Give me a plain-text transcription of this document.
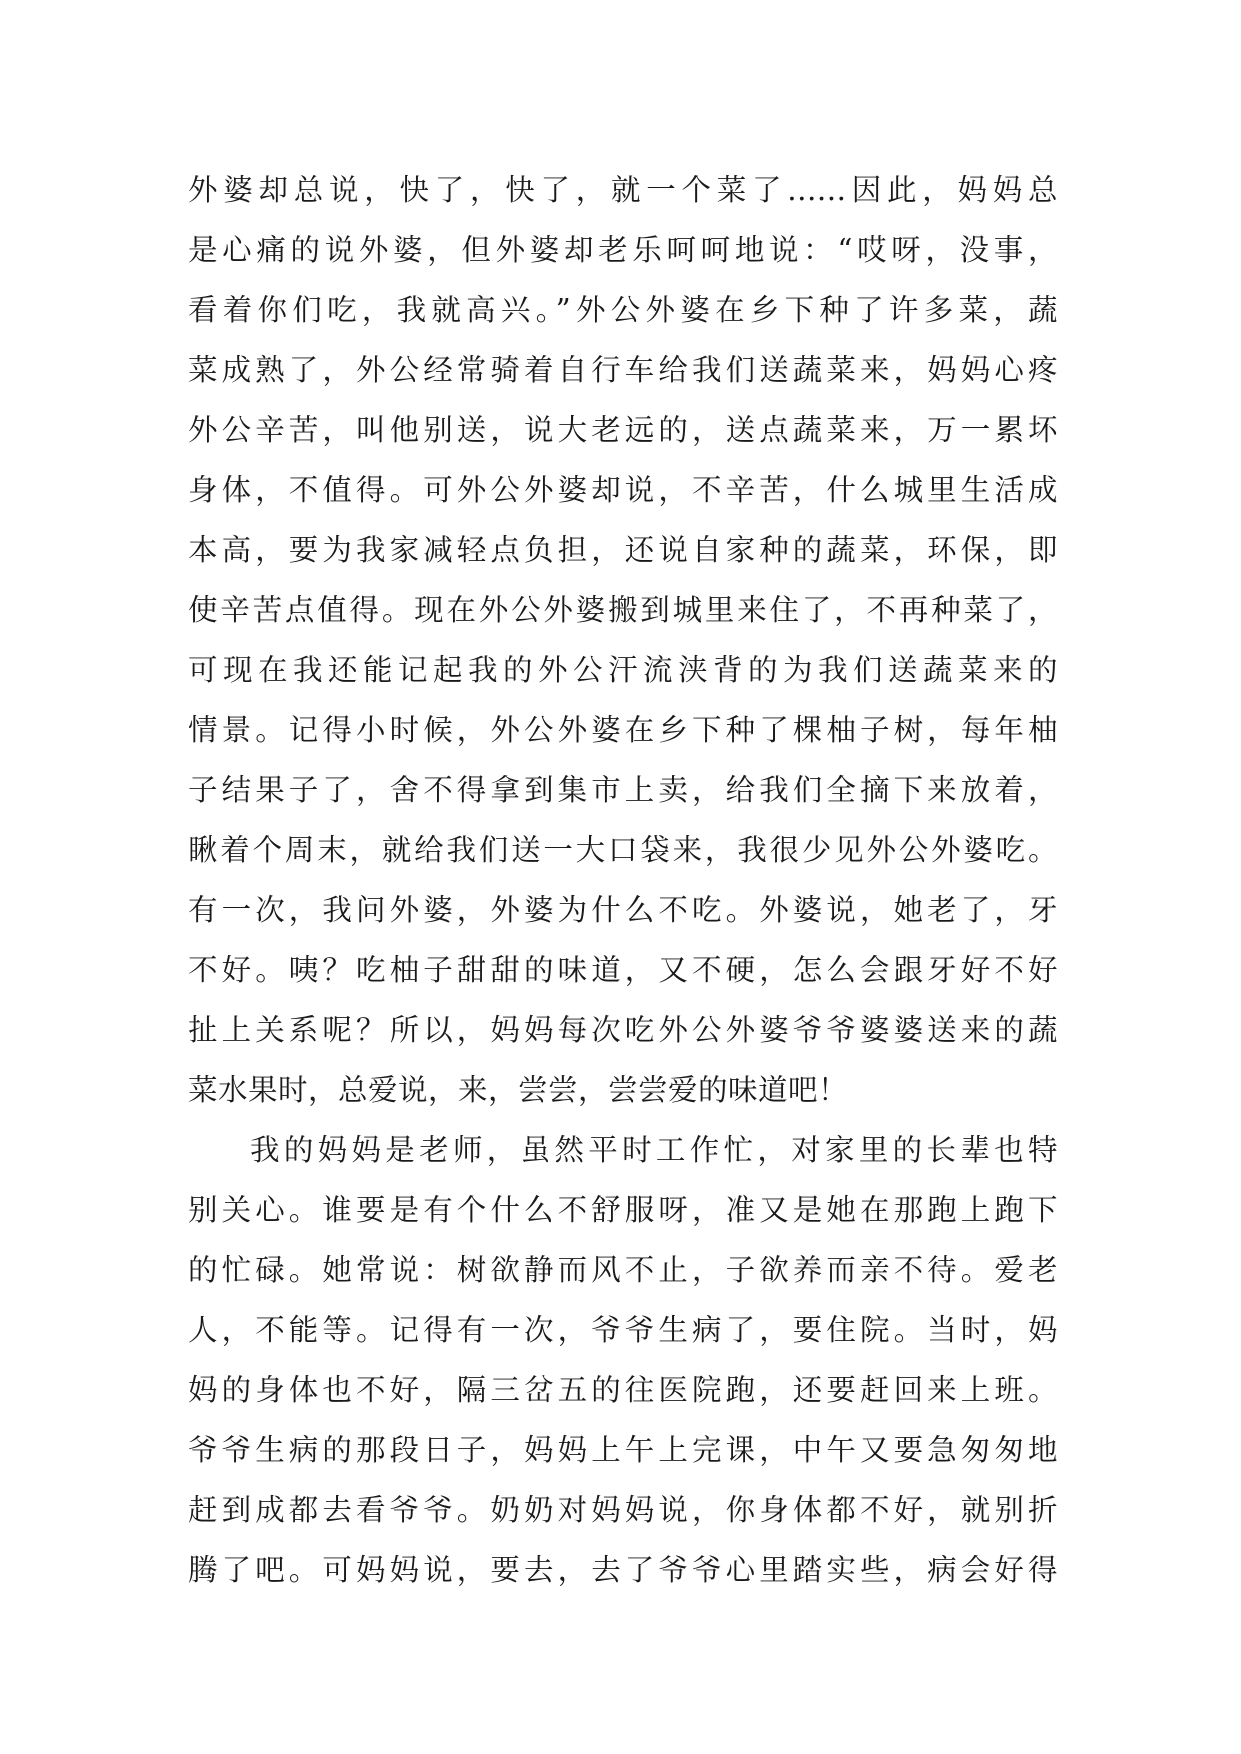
外婆却总说，快了，快了，就一个菜了......因此，妈妈总
是心痛的说外婆，但外婆却老乐呵呵地说：“哎呀，没事，
看着你们吃，我就高兴。”外公外婆在乡下种了许多菜，蔬
菜成熟了，外公经常骑着自行车给我们送蔬菜来，妈妈心疼
外公辛苦，叫他别送，说大老远的，送点蔬菜来，万一累坏
身体，不值得。可外公外婆却说，不辛苦，什么城里生活成
本高，要为我家减轻点负担，还说自家种的蔬菜，环保，即
使辛苦点值得。现在外公外婆搬到城里来住了，不再种菜了，
可现在我还能记起我的外公汗流浃背的为我们送蔬菜来的
情景。记得小时候，外公外婆在乡下种了棵柚子树，每年柚
子结果子了，舍不得拿到集市上卖，给我们全摘下来放着，
瞅着个周末，就给我们送一大口袋来，我很少见外公外婆吃。
有一次，我问外婆，外婆为什么不吃。外婆说，她老了，牙
不好。咦？吃柚子甜甜的味道，又不硬，怎么会跟牙好不好
扯上关系呢？所以，妈妈每次吃外公外婆爷爷婆婆送来的蔬
菜水果时，总爱说，来，尝尝，尝尝爱的味道吧！
我的妈妈是老师，虽然平时工作忙，对家里的长辈也特
别关心。谁要是有个什么不舒服呀，准又是她在那跑上跑下
的忙碌。她常说：树欲静而风不止，子欲养而亲不待。爱老
人，不能等。记得有一次，爷爷生病了，要住院。当时，妈
妈的身体也不好，隔三岔五的往医院跑，还要赶回来上班。
爷爷生病的那段日子，妈妈上午上完课，中午又要急匆匆地
赶到成都去看爷爷。奶奶对妈妈说，你身体都不好，就别折
腾了吧。可妈妈说，要去，去了爷爷心里踏实些，病会好得
